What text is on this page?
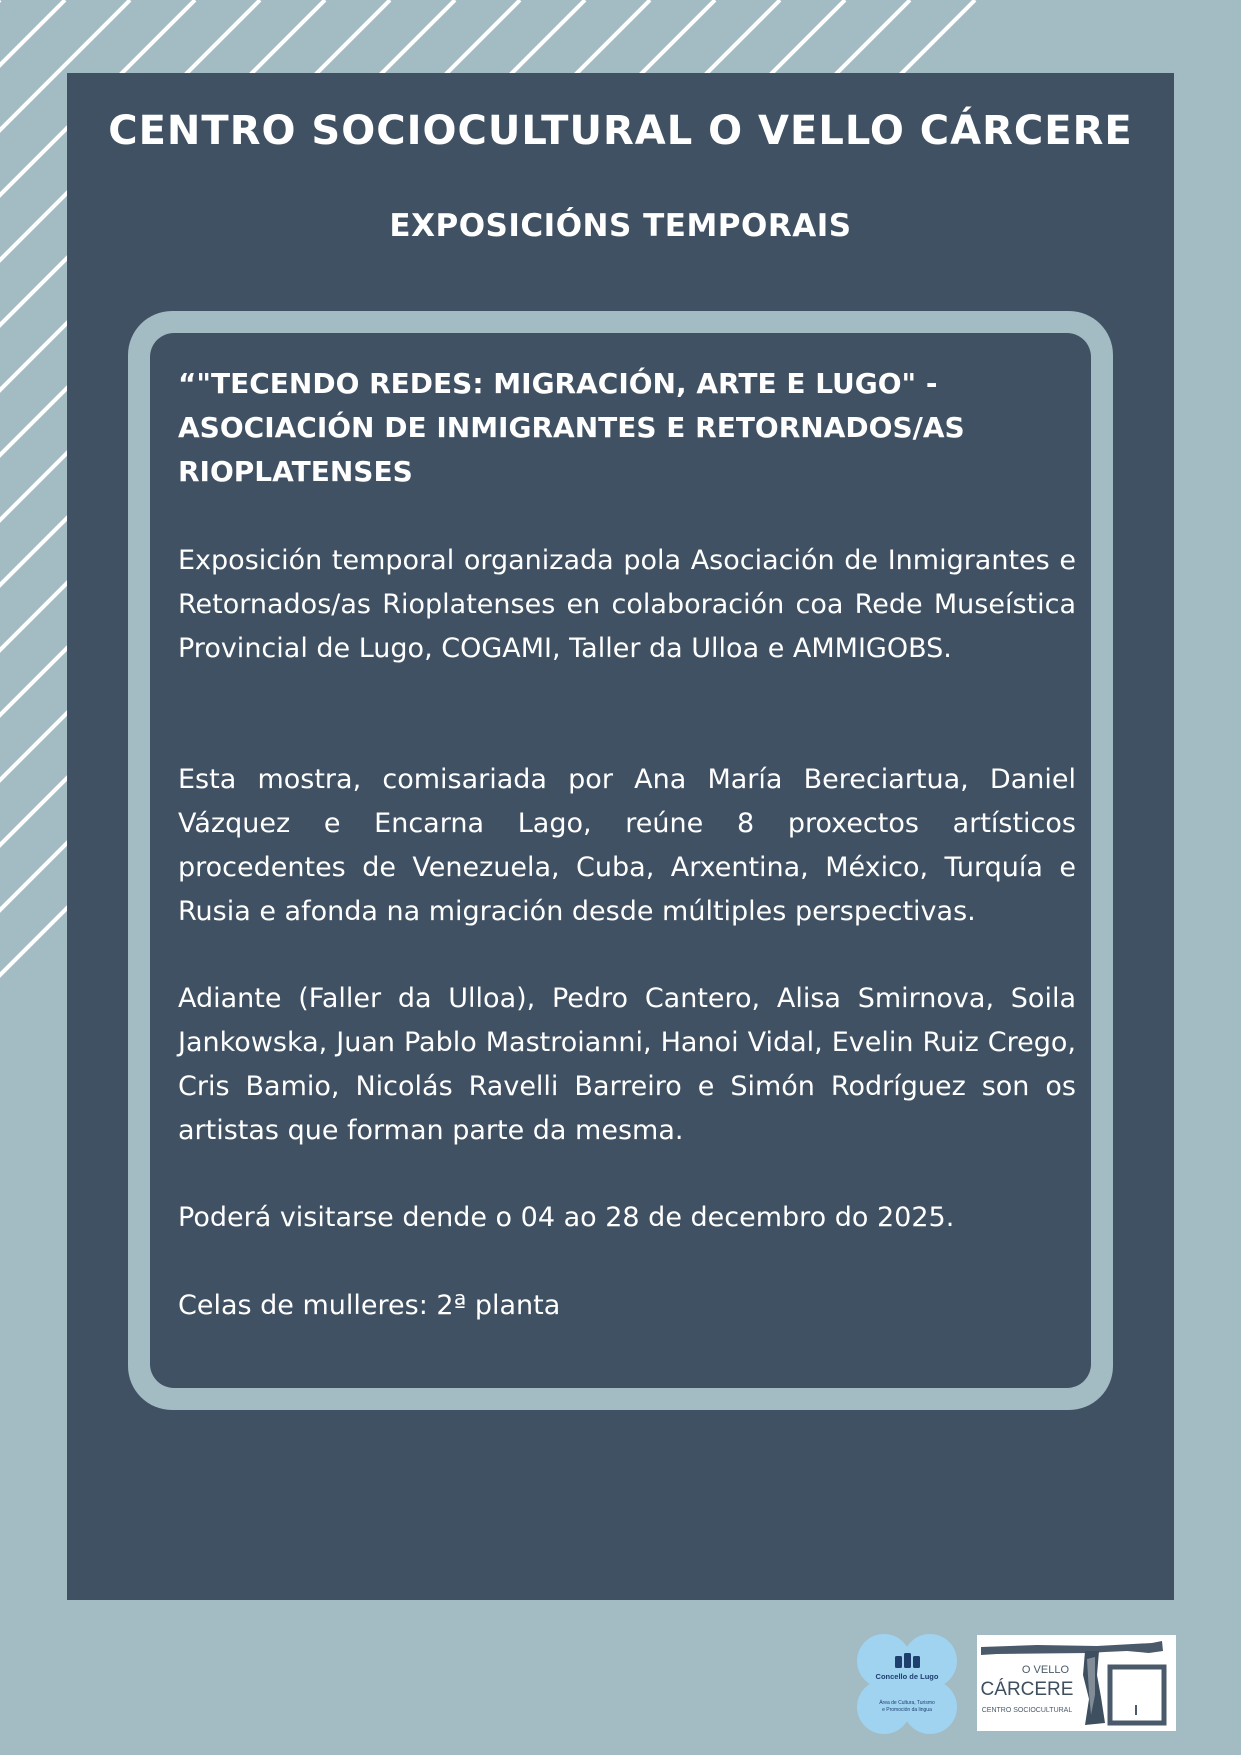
CENTRO SOCIOCULTURAL O VELLO CÁRCERE
EXPOSICIÓNS TEMPORAIS
“"TECENDO REDES: MIGRACIÓN, ARTE E LUGO" - ASOCIACIÓN DE INMIGRANTES E RETORNADOS/AS RIOPLATENSES

Exposición temporal organizada pola Asociación de Inmigrantes e Retornados/as Rioplatenses en colaboración coa Rede Museística Provincial de Lugo, COGAMI, Taller da Ulloa e AMMIGOBS.

Esta mostra, comisariada por Ana María Bereciartua, Daniel Vázquez e Encarna Lago, reúne 8 proxectos artísticos procedentes de Venezuela, Cuba, Arxentina, México, Turquía e Rusia e afonda na migración desde múltiples perspectivas.

Adiante (Faller da Ulloa), Pedro Cantero, Alisa Smirnova, Soila Jankowska, Juan Pablo Mastroianni, Hanoi Vidal, Evelin Ruiz Crego, Cris Bamio, Nicolás Ravelli Barreiro e Simón Rodríguez son os artistas que forman parte da mesma.

Poderá visitarse dende o 04 ao 28 de decembro do 2025.

Celas de mulleres: 2ª planta

Concello de Lugo
Área de Cultura, Turismo
e Promoción da lingua
O VELLO
CÁRCERE
CENTRO SOCIOCULTURAL
